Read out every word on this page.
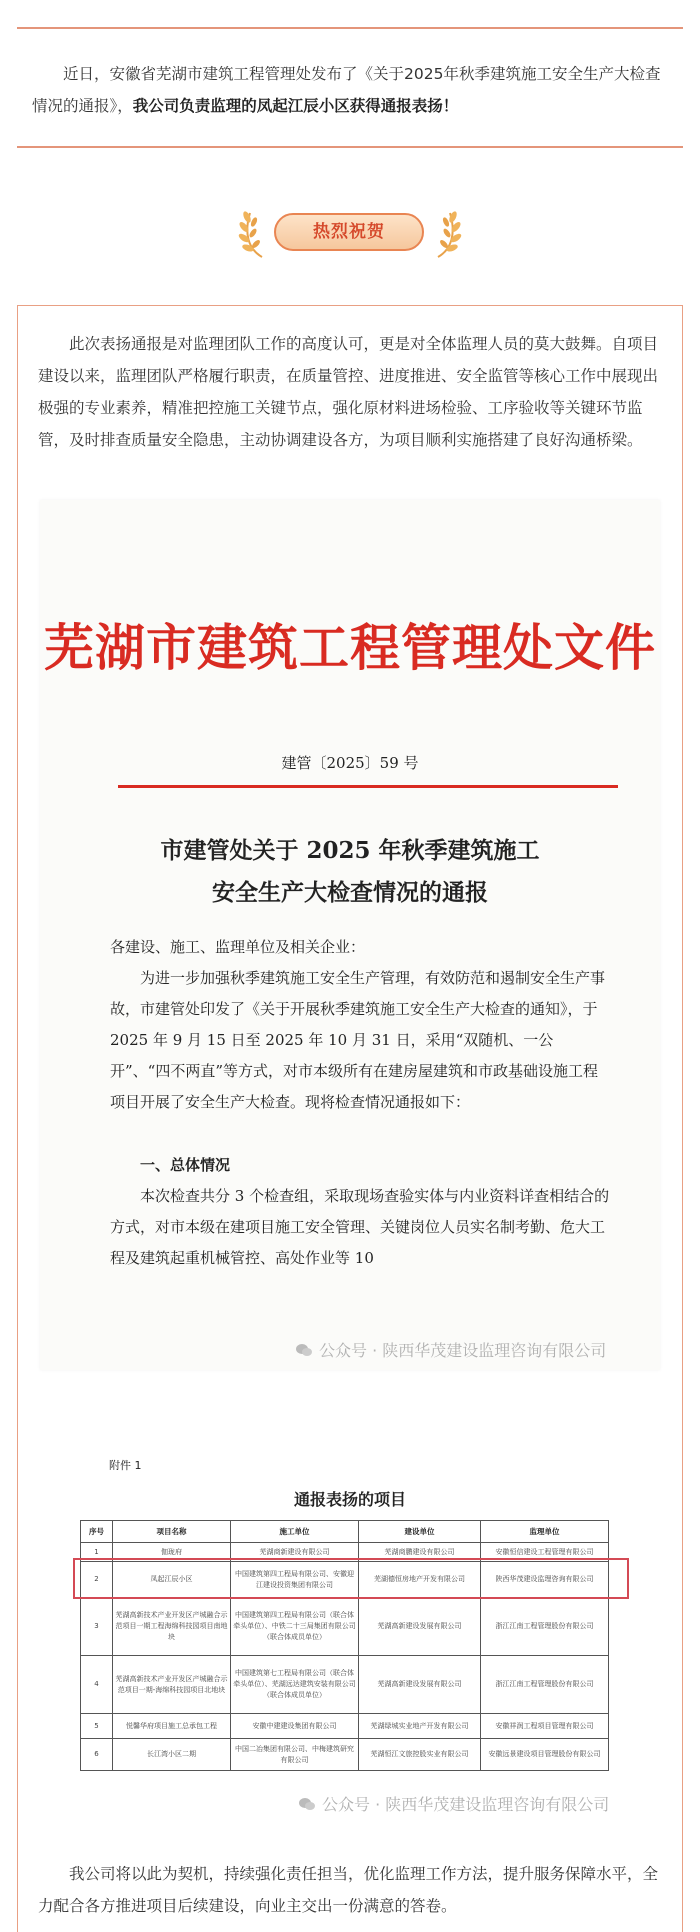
近日，安徽省芜湖市建筑工程管理处发布了《关于2025年秋季建筑施工安全生产大检查情况的通报》，我公司负责监理的凤起江辰小区获得通报表扬！

热烈祝贺

此次表扬通报是对监理团队工作的高度认可，更是对全体监理人员的莫大鼓舞。自项目建设以来，监理团队严格履行职责，在质量管控、进度推进、安全监管等核心工作中展现出极强的专业素养，精准把控施工关键节点，强化原材料进场检验、工序验收等关键环节监管，及时排查质量安全隐患，主动协调建设各方，为项目顺利实施搭建了良好沟通桥梁。

芜湖市建筑工程管理处文件
建管〔2025〕59 号
市建管处关于 2025 年秋季建筑施工
安全生产大检查情况的通报

各建设、施工、监理单位及相关企业：

为进一步加强秋季建筑施工安全生产管理，有效防范和遏制安全生产事故，市建管处印发了《关于开展秋季建筑施工安全生产大检查的通知》，于 2025 年 9 月 15 日至 2025 年 10 月 31 日，采用“双随机、一公开”、“四不两直”等方式，对市本级所有在建房屋建筑和市政基础设施工程项目开展了安全生产大检查。现将检查情况通报如下：

一、总体情况

本次检查共分 3 个检查组，采取现场查验实体与内业资料详查相结合的方式，对市本级在建项目施工安全管理、关键岗位人员实名制考勤、危大工程及建筑起重机械管控、高处作业等 10

公众号 · 陕西华茂建设监理咨询有限公司
附件 1
通报表扬的项目
序号	项目名称	施工单位	建设单位	监理单位
1	伽珑府	芜湖商新建设有限公司	芜湖商鹏建设有限公司	安徽恒信建设工程管理有限公司
2	凤起江辰小区	中国建筑第四工程局有限公司、安徽迎江建设投资集团有限公司	芜湖德恒房地产开发有限公司	陕西华茂建设监理咨询有限公司
3	芜湖高新技术产业开发区产城融合示范项目一期工程海绵科技园项目南地块	中国建筑第四工程局有限公司（联合体牵头单位）、中铁二十三局集团有限公司（联合体成员单位）	芜湖高新建设发展有限公司	浙江江南工程管理股份有限公司
4	芜湖高新技术产业开发区产城融合示范项目一期-海绵科技园项目北地块	中国建筑第七工程局有限公司（联合体牵头单位）、芜湖远达建筑安装有限公司（联合体成员单位）	芜湖高新建设发展有限公司	浙江江南工程管理股份有限公司
5	悦馨华府项目施工总承包工程	安徽中建建设集团有限公司	芜湖绿城实业地产开发有限公司	安徽祥润工程项目管理有限公司
6	长江湾小区二期	中国二冶集团有限公司、中梅建筑研究有限公司	芜湖恒江文旅控股实业有限公司	安徽远景建设项目管理股份有限公司
公众号 · 陕西华茂建设监理咨询有限公司

我公司将以此为契机，持续强化责任担当，优化监理工作方法，提升服务保障水平，全力配合各方推进项目后续建设，向业主交出一份满意的答卷。
